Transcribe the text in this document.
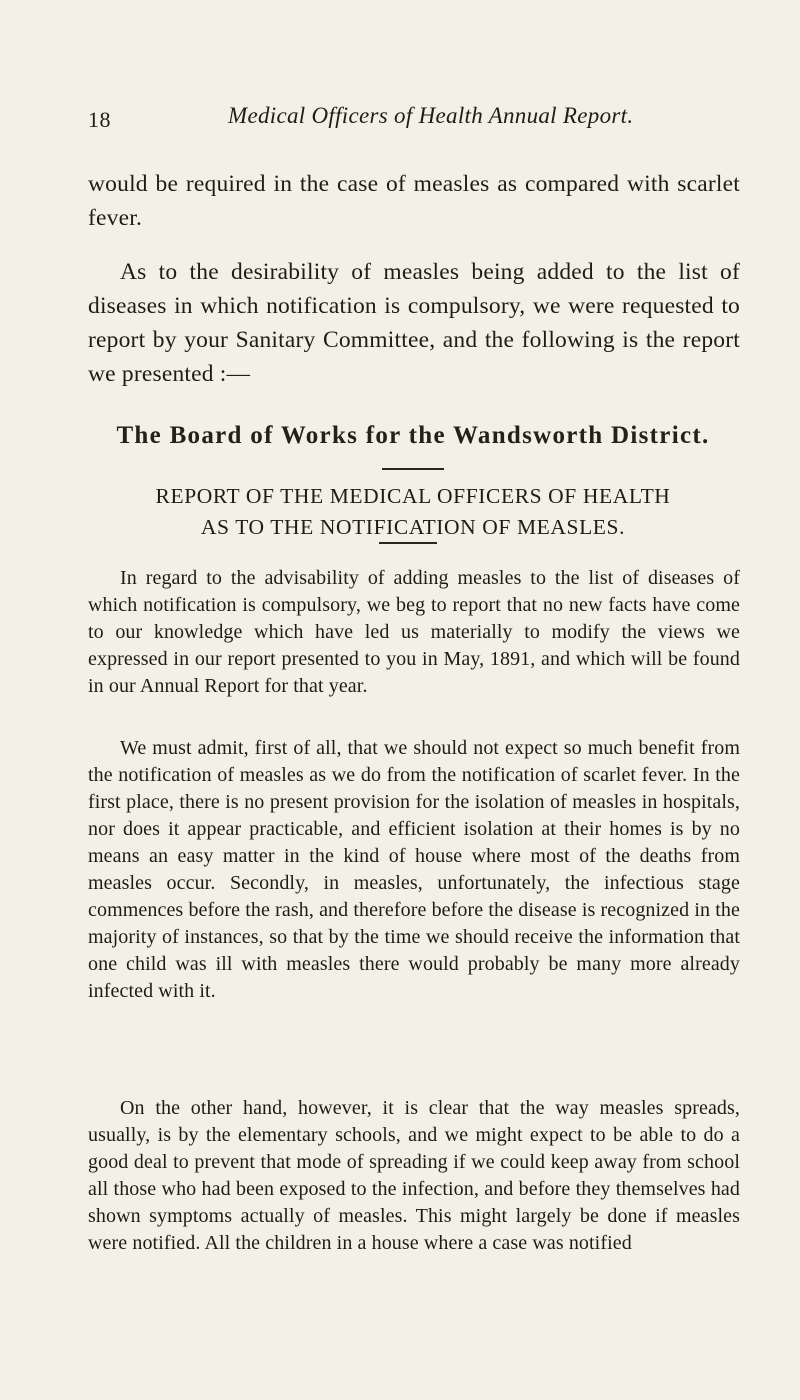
18	Medical Officers of Health Annual Report.

would be required in the case of measles as compared with scarlet fever.

As to the desirability of measles being added to the list of diseases in which notification is compulsory, we were requested to report by your Sanitary Committee, and the following is the report we presented :—

The Board of Works for the Wandsworth District.
REPORT OF THE MEDICAL OFFICERS OF HEALTH
AS TO THE NOTIFICATION OF MEASLES.

In regard to the advisability of adding measles to the list of diseases of which notification is compulsory, we beg to report that no new facts have come to our knowledge which have led us materially to modify the views we expressed in our report presented to you in May, 1891, and which will be found in our Annual Report for that year.

We must admit, first of all, that we should not expect so much benefit from the notification of measles as we do from the notification of scarlet fever. In the first place, there is no present provision for the isolation of measles in hospitals, nor does it appear practicable, and efficient isolation at their homes is by no means an easy matter in the kind of house where most of the deaths from measles occur. Secondly, in measles, unfortunately, the infectious stage commences before the rash, and therefore before the disease is recognized in the majority of instances, so that by the time we should receive the information that one child was ill with measles there would probably be many more already infected with it.

On the other hand, however, it is clear that the way measles spreads, usually, is by the elementary schools, and we might expect to be able to do a good deal to prevent that mode of spreading if we could keep away from school all those who had been exposed to the infection, and before they themselves had shown symptoms actually of measles. This might largely be done if measles were notified. All the children in a house where a case was notified
